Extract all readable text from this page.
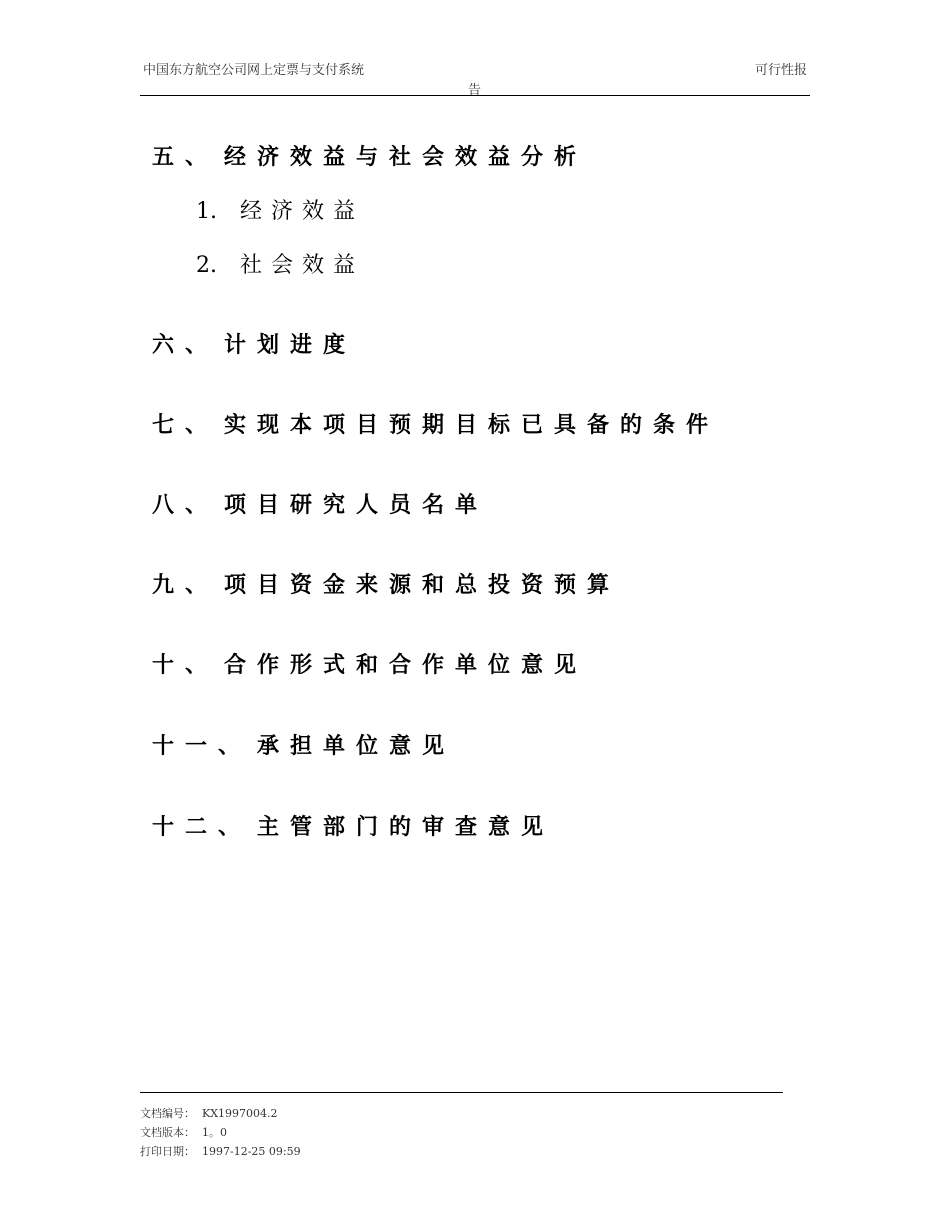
中国东方航空公司网上定票与支付系统	可行性报
告
五、 经济效益与社会效益分析
1. 经济效益
2. 社会效益
六、 计划进度
七、 实现本项目预期目标已具备的条件
八、 项目研究人员名单
九、 项目资金来源和总投资预算
十、 合作形式和合作单位意见
十一、 承担单位意见
十二、 主管部门的审查意见
文档编号： KX1997004.2
文档版本： 1。0
打印日期： 1997-12-25 09:59
